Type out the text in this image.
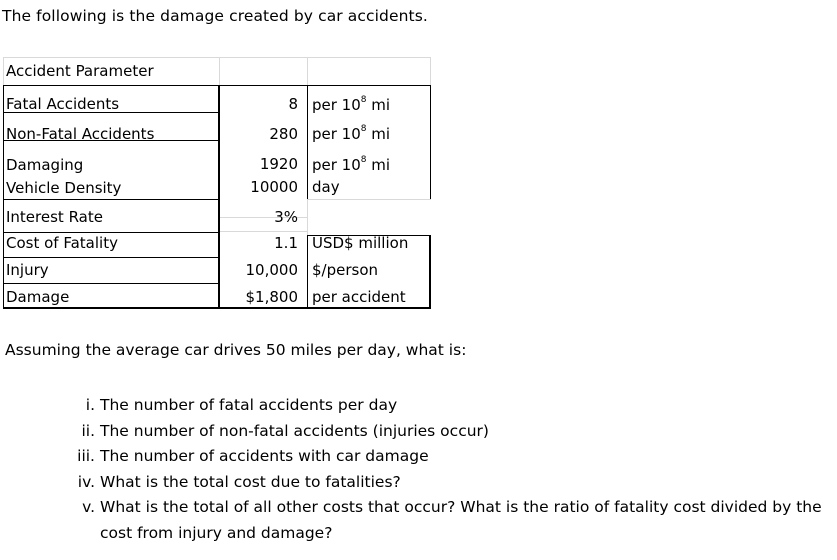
The following is the damage created by car accidents.
Accident Parameter
Fatal Accidents	8 per $10^8$ mi
Non-Fatal Accidents	280 per $10^8$ mi
Damaging	1920 per $10^8$ mi
Vehicle Density	10000 day
Interest Rate	3%
Cost of Fatality	1.1 USD$ million
Injury	10,000 $/person
Damage	$1,800 per accident
Assuming the average car drives 50 miles per day, what is:
i. The number of fatal accidents per day
ii. The number of non-fatal accidents (injuries occur)
iii. The number of accidents with car damage
iv. What is the total cost due to fatalities?
v. What is the total of all other costs that occur? What is the ratio of fatality cost divided by the cost from injury and damage?
